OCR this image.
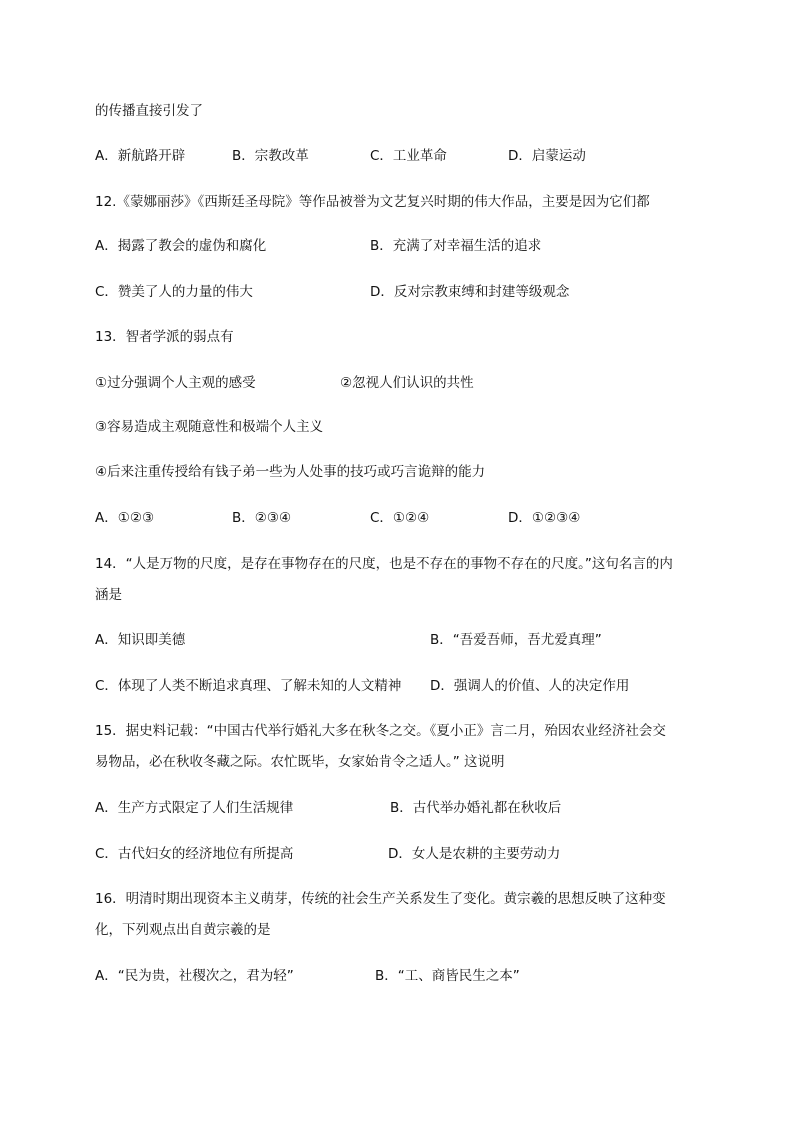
的传播直接引发了
A．新航路开辟	B．宗教改革	C．工业革命	D．启蒙运动
12.《蒙娜丽莎》《西斯廷圣母院》等作品被誉为文艺复兴时期的伟大作品，主要是因为它们都
A．揭露了教会的虚伪和腐化	B．充满了对幸福生活的追求
C．赞美了人的力量的伟大	D．反对宗教束缚和封建等级观念
13．智者学派的弱点有
①过分强调个人主观的感受	②忽视人们认识的共性
③容易造成主观随意性和极端个人主义
④后来注重传授给有钱子弟一些为人处事的技巧或巧言诡辩的能力
A．①②③	B．②③④	C．①②④	D．①②③④
14．“人是万物的尺度，是存在事物存在的尺度，也是不存在的事物不存在的尺度。”这句名言的内
涵是
A．知识即美德	B．“吾爱吾师，吾尤爱真理”
C．体现了人类不断追求真理、了解未知的人文精神 D．强调人的价值、人的决定作用
15．据史料记载：“中国古代举行婚礼大多在秋冬之交。《夏小正》言二月，殆因农业经济社会交
易物品，必在秋收冬藏之际。农忙既毕，女家始肯令之适人。” 这说明
A．生产方式限定了人们生活规律	B．古代举办婚礼都在秋收后
C．古代妇女的经济地位有所提高	D．女人是农耕的主要劳动力
16．明清时期出现资本主义萌芽，传统的社会生产关系发生了变化。黄宗羲的思想反映了这种变
化，下列观点出自黄宗羲的是
A．“民为贵，社稷次之，君为轻”	B．“工、商皆民生之本”
